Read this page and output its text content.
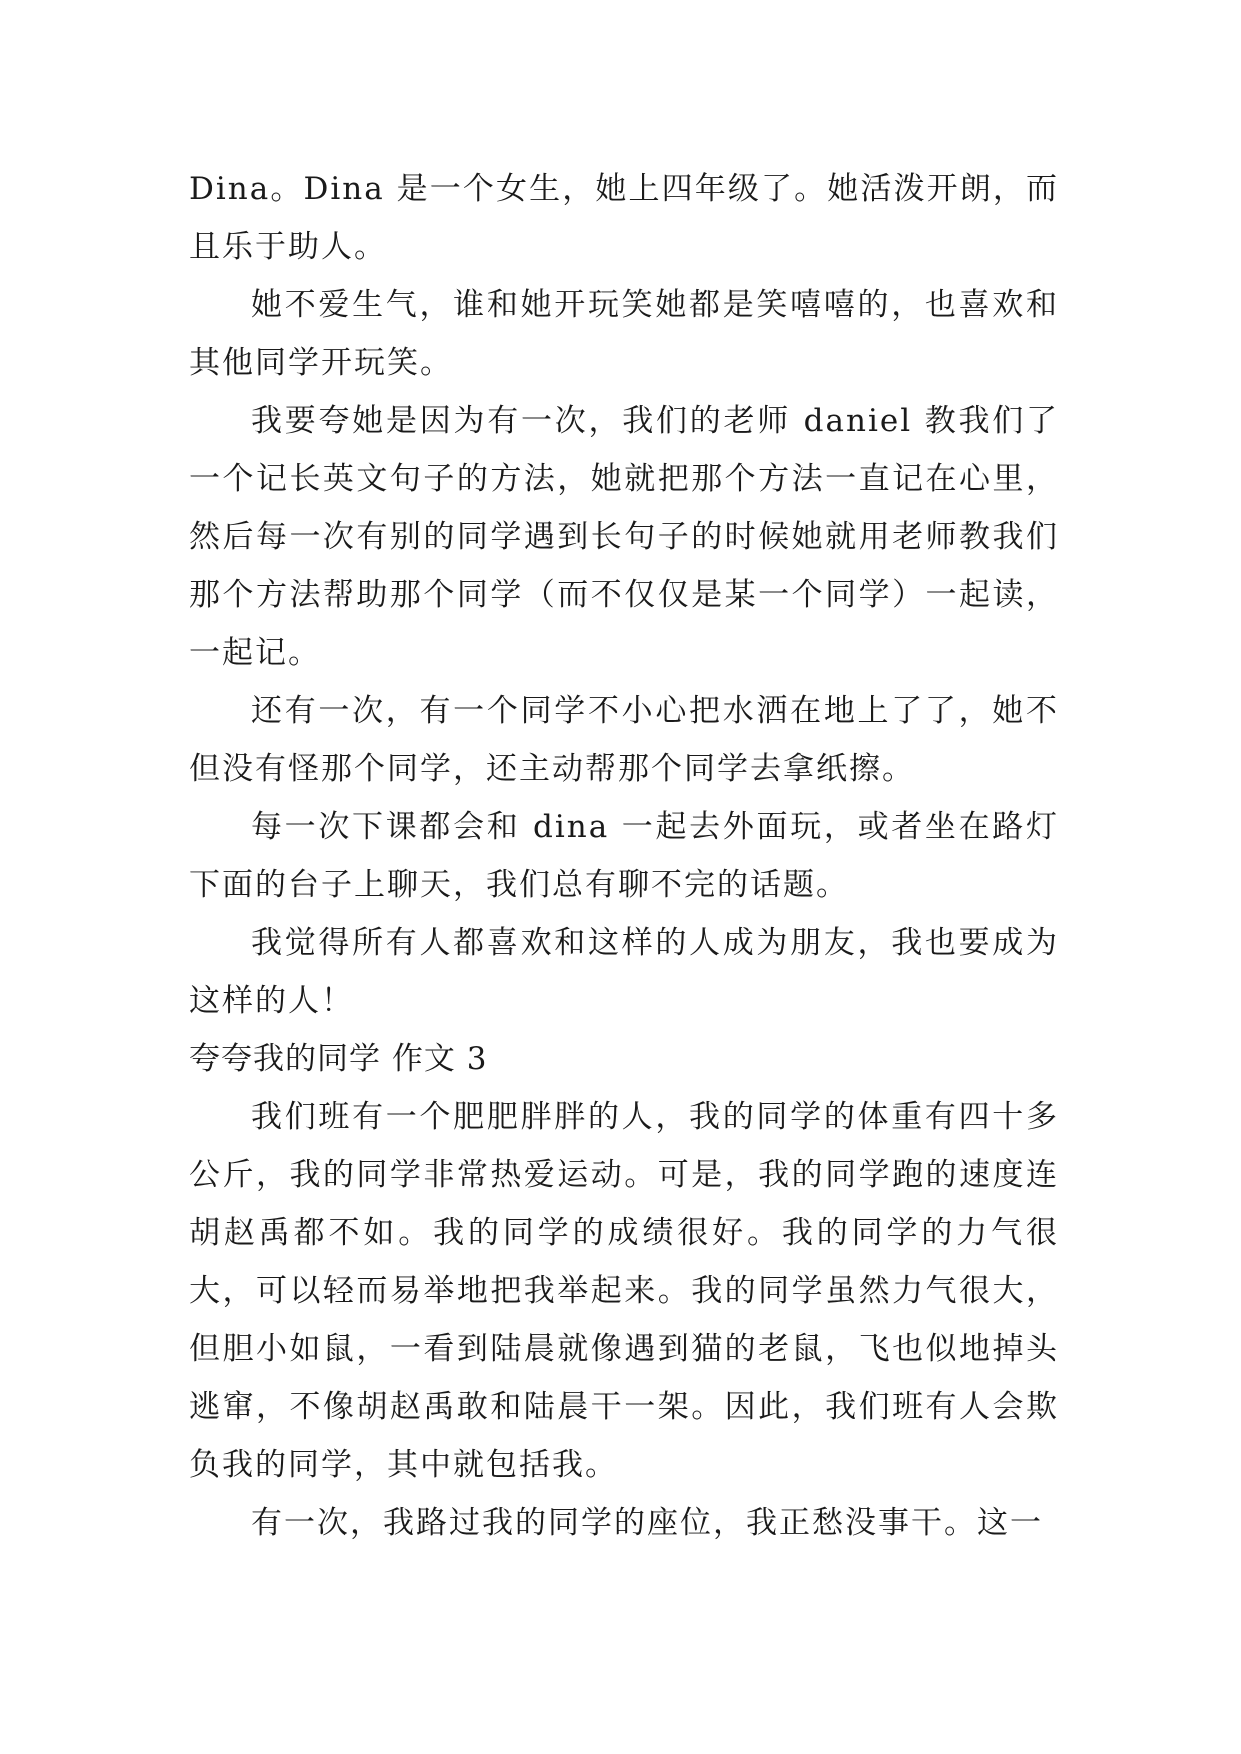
Dina。Dina 是一个女生，她上四年级了。她活泼开朗，而且乐于助人。

她不爱生气，谁和她开玩笑她都是笑嘻嘻的，也喜欢和其他同学开玩笑。

我要夸她是因为有一次，我们的老师 daniel 教我们了一个记长英文句子的方法，她就把那个方法一直记在心里，然后每一次有别的同学遇到长句子的时候她就用老师教我们那个方法帮助那个同学（而不仅仅是某一个同学）一起读，一起记。

还有一次，有一个同学不小心把水洒在地上了了，她不但没有怪那个同学，还主动帮那个同学去拿纸擦。

每一次下课都会和 dina 一起去外面玩，或者坐在路灯下面的台子上聊天，我们总有聊不完的话题。

我觉得所有人都喜欢和这样的人成为朋友，我也要成为这样的人！

夸夸我的同学 作文 3

我们班有一个肥肥胖胖的人，我的同学的体重有四十多公斤，我的同学非常热爱运动。可是，我的同学跑的速度连胡赵禹都不如。我的同学的成绩很好。我的同学的力气很大，可以轻而易举地把我举起来。我的同学虽然力气很大，但胆小如鼠，一看到陆晨就像遇到猫的老鼠，飞也似地掉头逃窜，不像胡赵禹敢和陆晨干一架。因此，我们班有人会欺负我的同学，其中就包括我。

有一次，我路过我的同学的座位，我正愁没事干。这一
